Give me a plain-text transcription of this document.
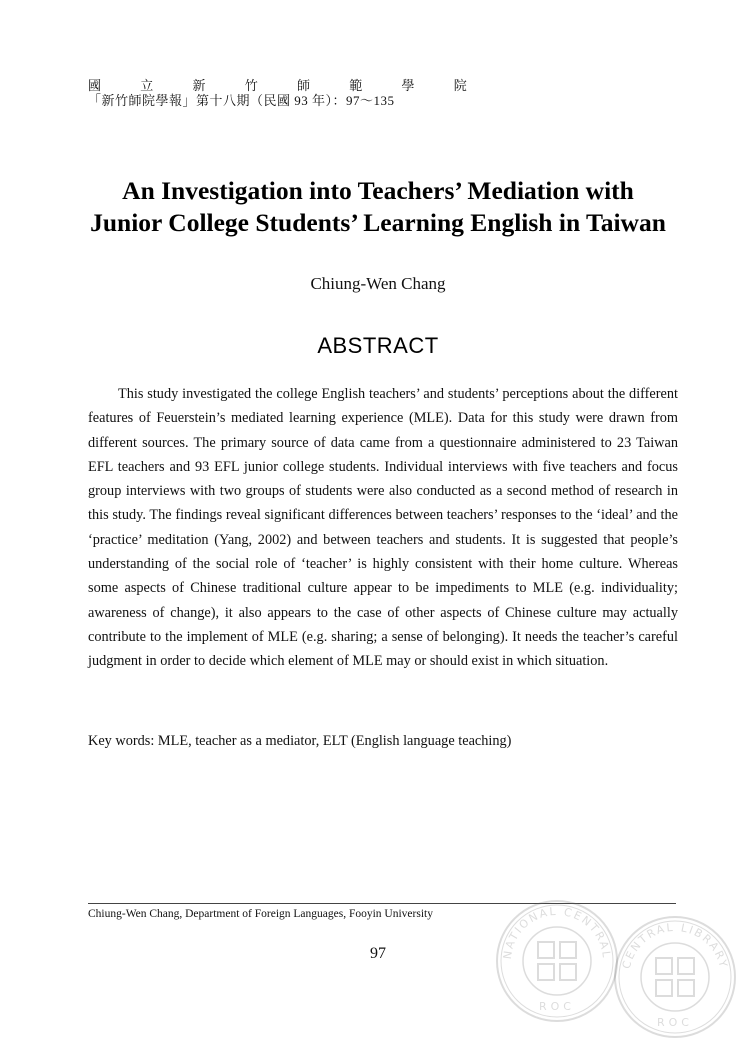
國 立 新 竹 師 範 學 院
「新竹師院學報」第十八期（民國 93 年）：97～135
An Investigation into Teachers’ Mediation with
Junior College Students’ Learning English in Taiwan
Chiung-Wen Chang
ABSTRACT

This study investigated the college English teachers’ and students’ perceptions about the different features of Feuerstein’s mediated learning experience (MLE). Data for this study were drawn from different sources. The primary source of data came from a questionnaire administered to 23 Taiwan EFL teachers and 93 EFL junior college students. Individual interviews with five teachers and focus group interviews with two groups of students were also conducted as a second method of research in this study. The findings reveal significant differences between teachers’ responses to the ‘ideal’ and the ‘practice’ meditation (Yang, 2002) and between teachers and students. It is suggested that people’s understanding of the social role of ‘teacher’ is highly consistent with their home culture. Whereas some aspects of Chinese traditional culture appear to be impediments to MLE (e.g. individuality; awareness of change), it also appears to the case of other aspects of Chinese culture may actually contribute to the implement of MLE (e.g. sharing; a sense of belonging). It needs the teacher’s careful judgment in order to decide which element of MLE may or should exist in which situation.

Key words: MLE, teacher as a mediator, ELT (English language teaching)

Chiung-Wen Chang, Department of Foreign Languages, Fooyin University
97	NATIONAL CENTRAL
ROC
CENTRAL LIBRARY
ROC
